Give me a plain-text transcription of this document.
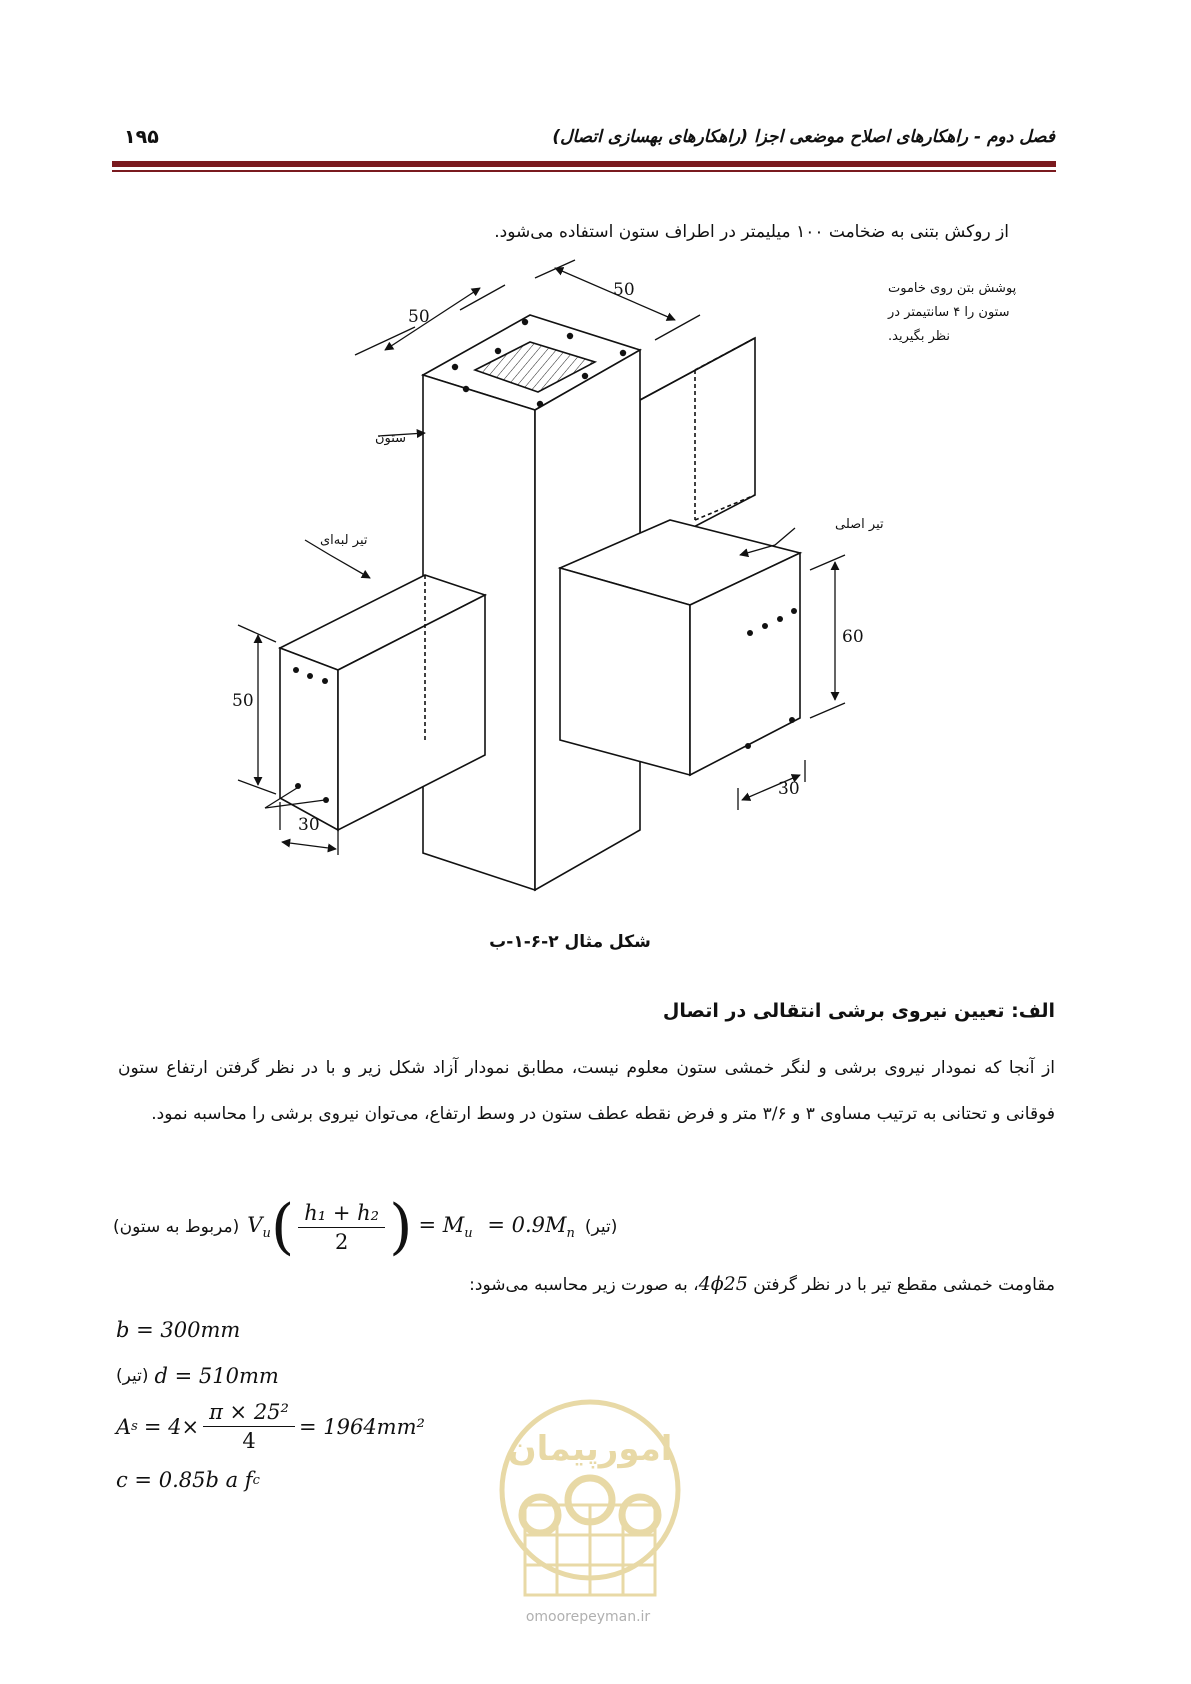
فصل دوم - راهکارهای اصلاح موضعی اجزا (راهکارهای بهسازی اتصال)
۱۹۵
از روکش بتنی به ضخامت ۱۰۰ میلیمتر در اطراف ستون استفاده می‌شود.
50
50
60
30
50
30
پوشش بتن روی خاموت
ستون را ۴ سانتیمتر در
نظر بگیرید.
ستون
تیر اصلی
تیر لبه‌ای
شکل مثال ۲-۶-۱-ب
الف: تعیین نیروی برشی انتقالی در اتصال
از آنجا که نمودار نیروی برشی و لنگر خمشی ستون معلوم نیست، مطابق نمودار آزاد شکل زیر و با در نظر گرفتن ارتفاع ستون فوقانی و تحتانی به ترتیب مساوی ۳ و ۳/۶ متر و فرض نقطه عطف ستون در وسط ارتفاع، می‌توان نیروی برشی را محاسبه نمود.
(مربوط به ستون) $V_u$ ( $\frac{\text{h₁ + h₂}}{2}$ ) = $M_u = 0.9M_n$ (تیر)
مقاومت خمشی مقطع تیر با در نظر گرفتن 4ϕ25، به صورت زیر محاسبه می‌شود:
b = 300mm
(تیر) d = 510mm
A $s = 4\times \frac{\text{π × 25²}}{4} = 1964mm^2$
c = 0.85b a f c
امورپیمان
omoorepeyman.ir
